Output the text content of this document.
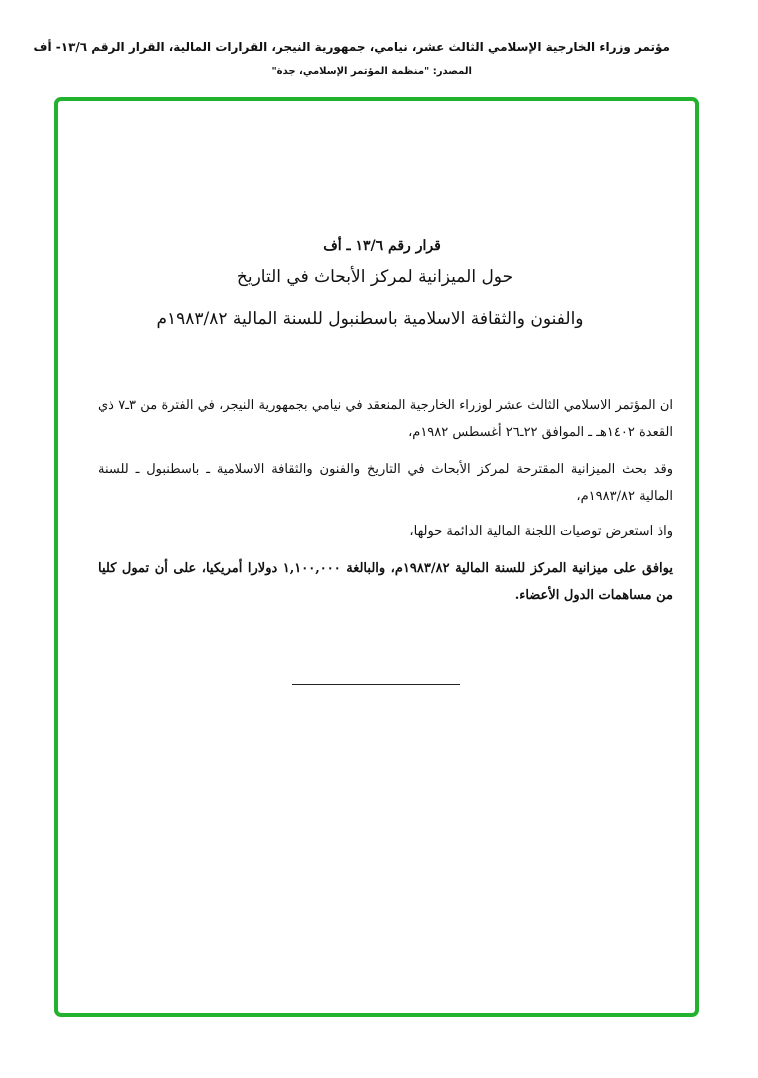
مؤتمر وزراء الخارجية الإسلامي الثالث عشر، نيامي، جمهورية النيجر، القرارات المالية، القرار الرقم ١٣/٦- أف
المصدر: "منظمة المؤتمر الإسلامي، جدة"
قرار رقم ١٣/٦ ـ أف
حول الميزانية لمركز الأبحاث في التاريخ
والفنون والثقافة الاسلامية باسطنبول للسنة المالية ١٩٨٣/٨٢م
ان المؤتمر الاسلامي الثالث عشر لوزراء الخارجية المنعقد في نيامي بجمهورية النيجر، في الفترة من ٣ـ٧ ذي القعدة ١٤٠٢هـ ـ الموافق ٢٢ـ٢٦ أغسطس ١٩٨٢م،
وقد بحث الميزانية المقترحة لمركز الأبحاث في التاريخ والفنون والثقافة الاسلامية ـ باسطنبول ـ للسنة المالية ١٩٨٣/٨٢م،
واذ استعرض توصيات اللجنة المالية الدائمة حولها،
يوافق على ميزانية المركز للسنة المالية ١٩٨٣/٨٢م، والبالغة ١,١٠٠,٠٠٠ دولارا أمريكيا، على أن تمول كليا من مساهمات الدول الأعضاء.
